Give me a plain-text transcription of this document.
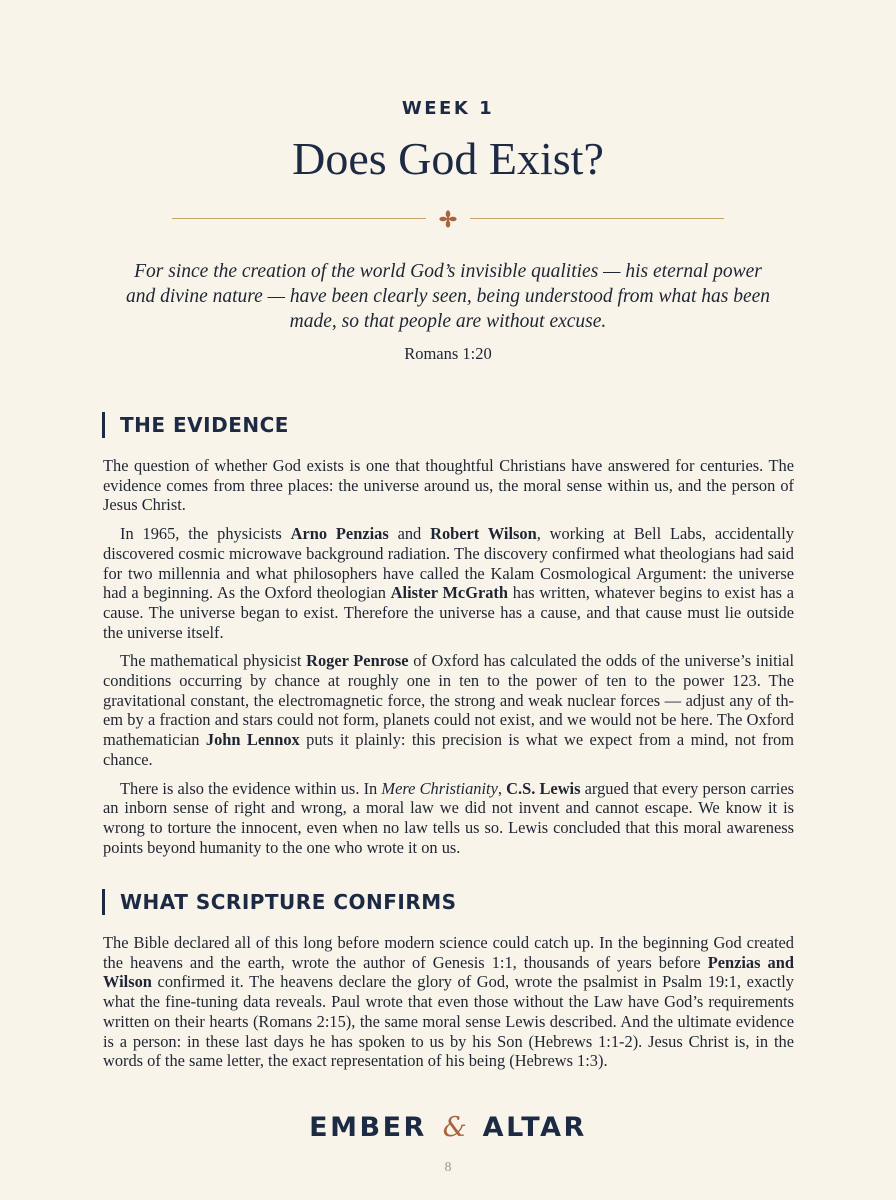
WEEK 1
Does God Exist?

For since the creation of the world God’s invisible qualities — his eternal power and divine nature — have been clearly seen, being understood from what has been made, so that people are without excuse.

Romans 1:20
THE EVIDENCE

The question of whether God exists is one that thoughtful Christians have answered for centuries. The evidence comes from three places: the universe around us, the moral sense within us, and the person of Jesus Christ.

In 1965, the physicists Arno Penzias and Robert Wilson, working at Bell Labs, accidentally discovered cosmic microwave background radiation. The discovery confirmed what theologians had said for two millennia and what philosophers have called the Kalam Cosmological Argument: the universe had a beginning. As the Oxford theologian Alister McGrath has written, whatever begins to exist has a cause. The universe began to exist. Therefore the universe has a cause, and that cause must lie outside the universe itself.

The mathematical physicist Roger Penrose of Oxford has calculated the odds of the universe’s initial conditions occurring by chance at roughly one in ten to the power of ten to the power 123. The gravitational constant, the electromagnetic force, the strong and weak nuclear forces — adjust any of th-em by a fraction and stars could not form, planets could not exist, and we would not be here. The Oxford mathematician John Lennox puts it plainly: this precision is what we expect from a mind, not from chance.

There is also the evidence within us. In Mere Christianity, C.S. Lewis argued that every person carries an inborn sense of right and wrong, a moral law we did not invent and cannot escape. We know it is wrong to torture the innocent, even when no law tells us so. Lewis concluded that this moral awareness points beyond humanity to the one who wrote it on us.

WHAT SCRIPTURE CONFIRMS

The Bible declared all of this long before modern science could catch up. In the beginning God created the heavens and the earth, wrote the author of Genesis 1:1, thousands of years before Penzias and Wilson confirmed it. The heavens declare the glory of God, wrote the psalmist in Psalm 19:1, exactly what the fine-tuning data reveals. Paul wrote that even those without the Law have God’s requirements written on their hearts (Romans 2:15), the same moral sense Lewis described. And the ultimate evidence is a person: in these last days he has spoken to us by his Son (Hebrews 1:1-2). Jesus Christ is, in the words of the same letter, the exact representation of his being (Hebrews 1:3).

EMBER & ALTAR
8
